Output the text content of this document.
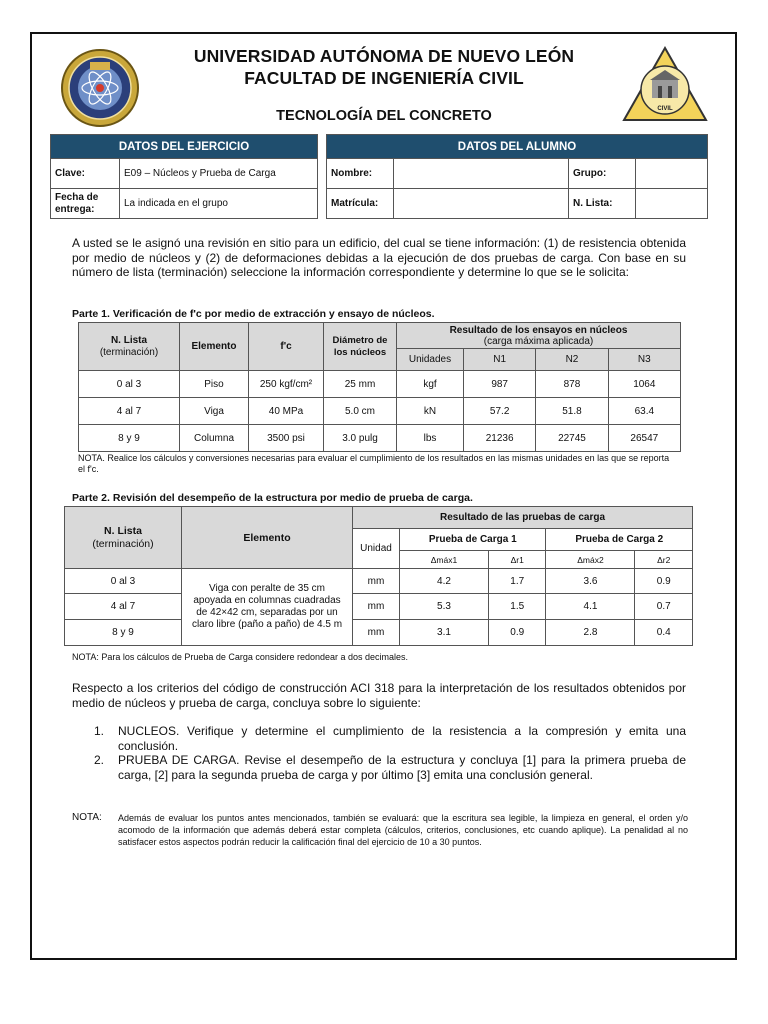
CIVIL
UNIVERSIDAD AUTÓNOMA DE NUEVO LEÓN
FACULTAD DE INGENIERÍA CIVIL
TECNOLOGÍA DEL CONCRETO
DATOS DEL EJERCICIO	
Clave:	E09 – Núcleos y Prueba de Carga
Fecha de
entrega:	La indicada en el grupo
DATOS DEL ALUMNO			
Nombre:		Grupo:	
Matrícula:		N. Lista:	
A usted se le asignó una revisión en sitio para un edificio, del cual se tiene información: (1) de resistencia obtenida por medio de núcleos y (2) de deformaciones debidas a la ejecución de dos pruebas de carga. Con base en su número de lista (terminación) seleccione la información correspondiente y determine lo que se le solicita:
Parte 1. Verificación de f'c por medio de extracción y ensayo de núcleos.
N. Lista
(terminación)	Elemento	f'c	Diámetro de
los núcleos	Resultado de los ensayos en núcleos
(carga máxima aplicada)			
				Unidades	N1	N2	N3
0 al 3	Piso	250 kgf/cm²	25 mm	kgf	987	878	1064
4 al 7	Viga	40 MPa	5.0 cm	kN	57.2	51.8	63.4
8 y 9	Columna	3500 psi	3.0 pulg	lbs	21236	22745	26547
NOTA. Realice los cálculos y conversiones necesarias para evaluar el cumplimiento de los resultados en las mismas unidades en las que se reporta el f'c.
Parte 2. Revisión del desempeño de la estructura por medio de prueba de carga.
N. Lista
(terminación)	Elemento	Resultado de las pruebas de carga				
		Unidad	Prueba de Carga 1		Prueba de Carga 2	
			Δmáx1	Δr1	Δmáx2	Δr2
0 al 3	Viga con peralte de 35 cm apoyada en columnas cuadradas de 42×42 cm, separadas por un claro libre (paño a paño) de 4.5 m	mm	4.2	1.7	3.6	0.9
4 al 7		mm	5.3	1.5	4.1	0.7
8 y 9		mm	3.1	0.9	2.8	0.4
NOTA: Para los cálculos de Prueba de Carga considere redondear a dos decimales.
Respecto a los criterios del código de construcción ACI 318 para la interpretación de los resultados obtenidos por medio de núcleos y prueba de carga, concluya sobre lo siguiente:
1. NUCLEOS. Verifique y determine el cumplimiento de la resistencia a la compresión y emita una conclusión.
2. PRUEBA DE CARGA. Revise el desempeño de la estructura y concluya [1] para la primera prueba de carga, [2] para la segunda prueba de carga y por último [3] emita una conclusión general.
NOTA: Además de evaluar los puntos antes mencionados, también se evaluará: que la escritura sea legible, la limpieza en general, el orden y/o acomodo de la información que además deberá estar completa (cálculos, criterios, conclusiones, etc cuando aplique). La penalidad al no satisfacer estos aspectos podrán reducir la calificación final del ejercicio de 10 a 30 puntos.
